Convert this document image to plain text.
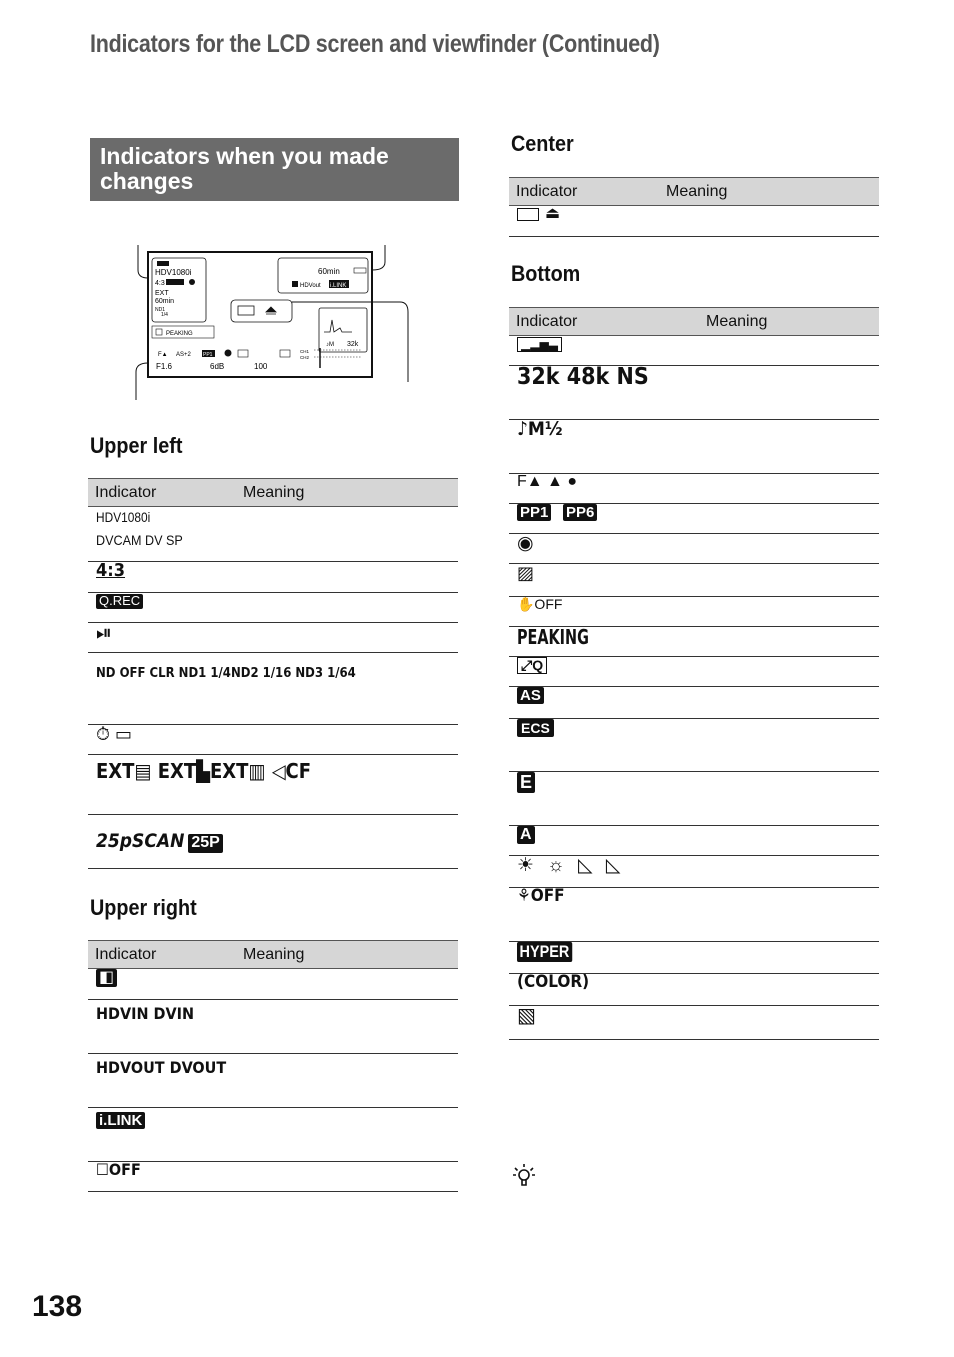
Indicators for the LCD screen and viewfinder (Continued)
Indicators when you made changes
HDV1080i
4:3
EXT
60min
ND1
1/4
60min
HDVout i.LINK
PEAKING
♪M 32k
F▲ AS+2 PP1
F1.6	6dB	100
CH1
CH2
Upper left
Indicator	Meaning

HDV1080i
DVCAM DV SP

4:3
Q.REC
⏯
ND OFF CLR ND1 1/4ND2 1/16 ND3 1/64
⏱ ▭
EXT▤ EXT▙EXT▥ ◁CF
25pSCAN 25P
Upper right
Indicator	Meaning
◧
HDVIN DVIN
HDVOUT DVOUT
i.LINK
☐OFF
Center
Indicator	Meaning
⏏
Bottom
Indicator	Meaning
▁▂▅▃
32k 48k NS
♪M½
F▲ ▲ ●
PP1 PP6
◉
▨
✋OFF
PEAKING
⤢Q
AS
ECS
E
A
☀ ☼ ◺ ◺
⚘OFF
HYPER
(COLOR)
▧
138
